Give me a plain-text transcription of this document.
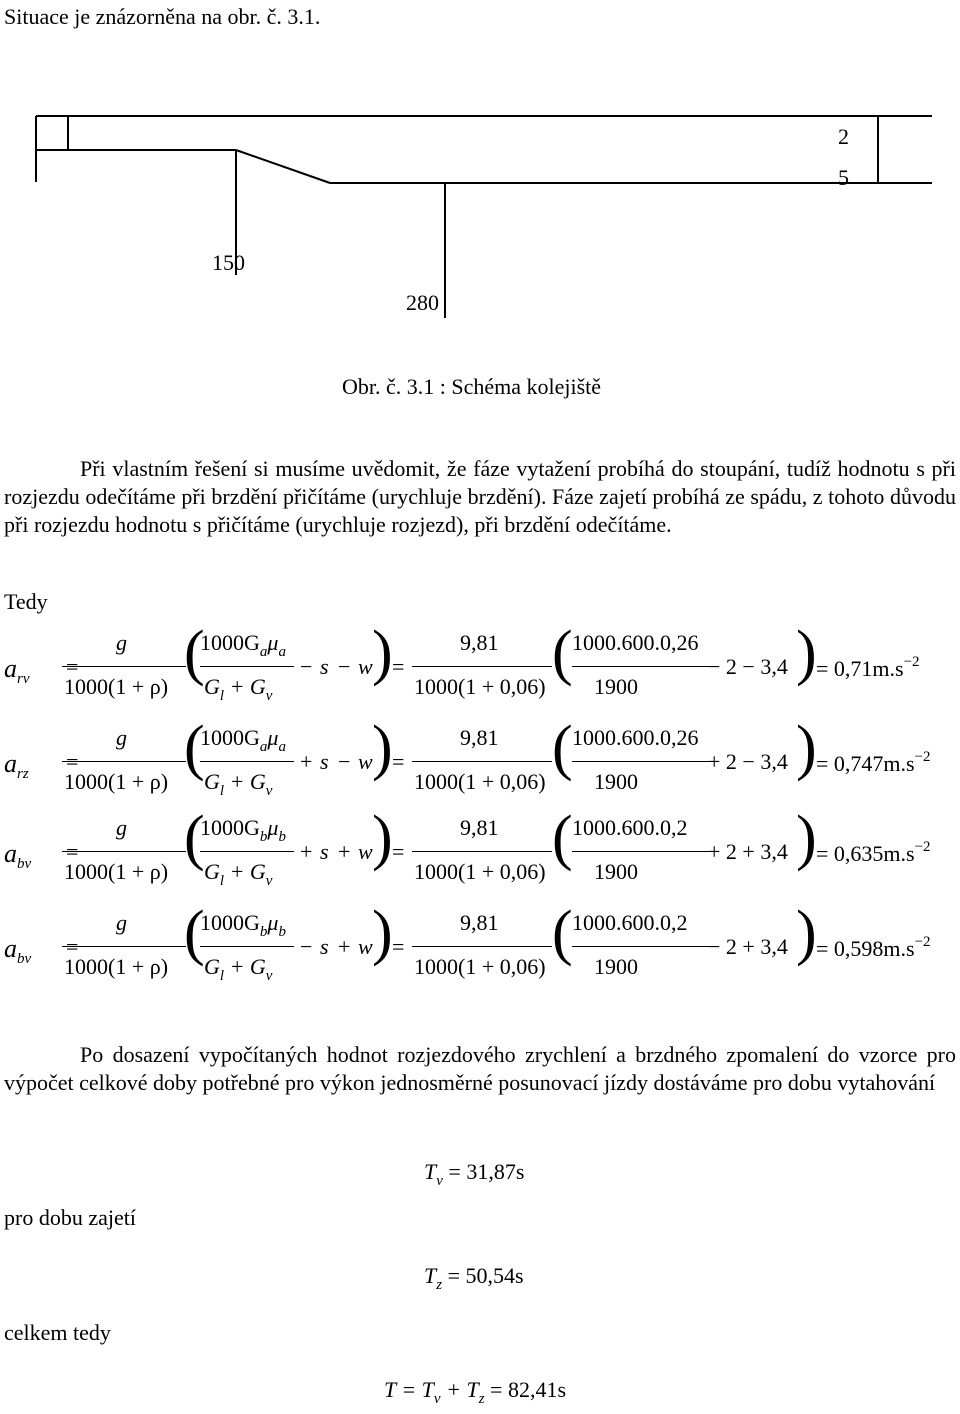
Situace je znázorněna na obr. č. 3.1.
2
5
150
280
Obr. č. 3.1 : Schéma kolejiště
Při vlastním řešení si musíme uvědomit, že fáze vytažení probíhá do stoupání, tudíž hodnotu s při rozjezdu odečítáme při brzdění přičítáme (urychluje brzdění). Fáze zajetí probíhá ze spádu, z tohoto důvodu při rozjezdu hodnotu s přičítáme (urychluje rozjezd), při brzdění odečítáme.
Tedy
$a_{rv}$ =
g
1000(1 + ρ) (
$1000G_a\mu_a$
$G_l + G_v$
− s − w ) =
9,81
1000(1 + 0,06) ( 1000.600.0,26
1900
− 2 − 3,4 ) = $0,71m.s^{-2}$
$a_{rz}$ =
g
1000(1 + ρ) (
$1000G_a\mu_a$
$G_l + G_v$
+ s − w ) =
9,81
1000(1 + 0,06) ( 1000.600.0,26
1900
+ 2 − 3,4 ) = $0,747m.s^{-2}$
$a_{bv}$ =
g
1000(1 + ρ) (
$1000G_b\mu_b$
$G_l + G_v$
+ s + w ) =
9,81
1000(1 + 0,06) ( 1000.600.0,2
1900
+ 2 + 3,4 ) = $0,635m.s^{-2}$
$a_{bv}$ =
g
1000(1 + ρ) (
$1000G_b\mu_b$
$G_l + G_v$
− s + w ) =
9,81
1000(1 + 0,06) ( 1000.600.0,2
1900
− 2 + 3,4 ) = $0,598m.s^{-2}$
Po dosazení vypočítaných hodnot rozjezdového zrychlení a brzdného zpomalení do vzorce pro výpočet celkové doby potřebné pro výkon jednosměrné posunovací jízdy dostáváme pro dobu vytahování
$T_v = 31,87s$
pro dobu zajetí
$T_z = 50,54s$
celkem tedy
$T = T_v + T_z = 82,41s$
